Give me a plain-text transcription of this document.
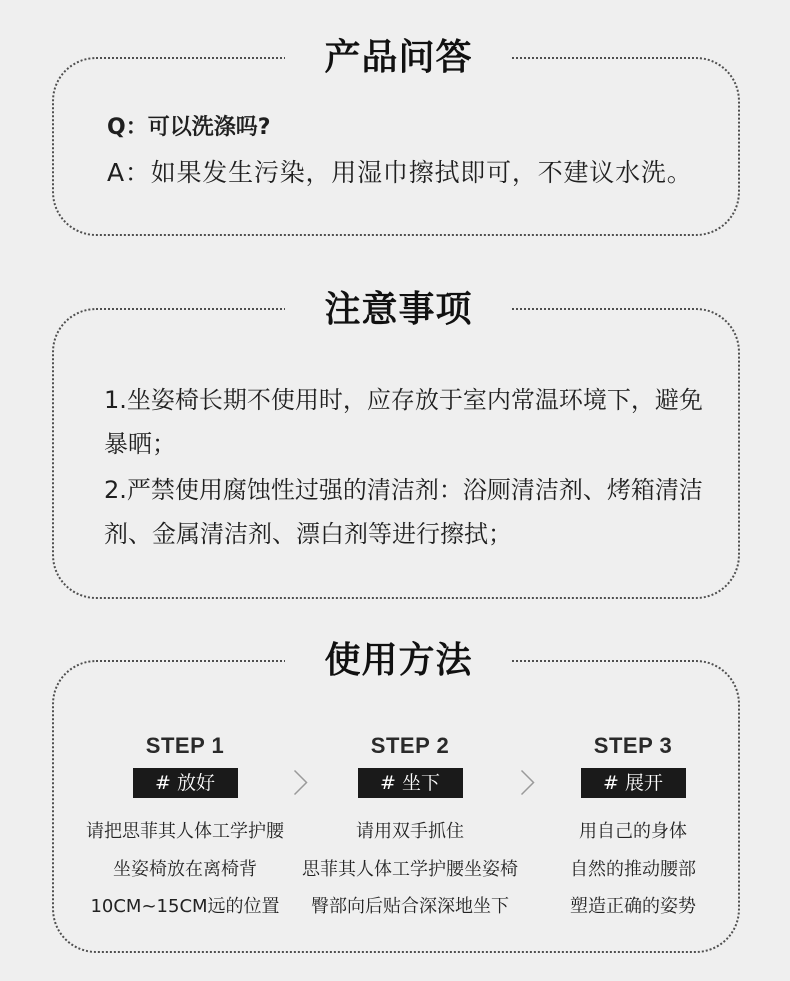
产品问答
Q：可以洗涤吗?
A：如果发生污染，用湿巾擦拭即可，不建议水洗。
注意事项
1.坐姿椅长期不使用时，应存放于室内常温环境下，避免
暴晒；
2.严禁使用腐蚀性过强的清洁剂：浴厕清洁剂、烤箱清洁
剂、金属清洁剂、漂白剂等进行擦拭；
使用方法
STEP 1
# 放好
请把思菲其人体工学护腰
坐姿椅放在离椅背
10CM~15CM远的位置
STEP 2
# 坐下
请用双手抓住
思菲其人体工学护腰坐姿椅
臀部向后贴合深深地坐下
STEP 3
# 展开
用自己的身体
自然的推动腰部
塑造正确的姿势
